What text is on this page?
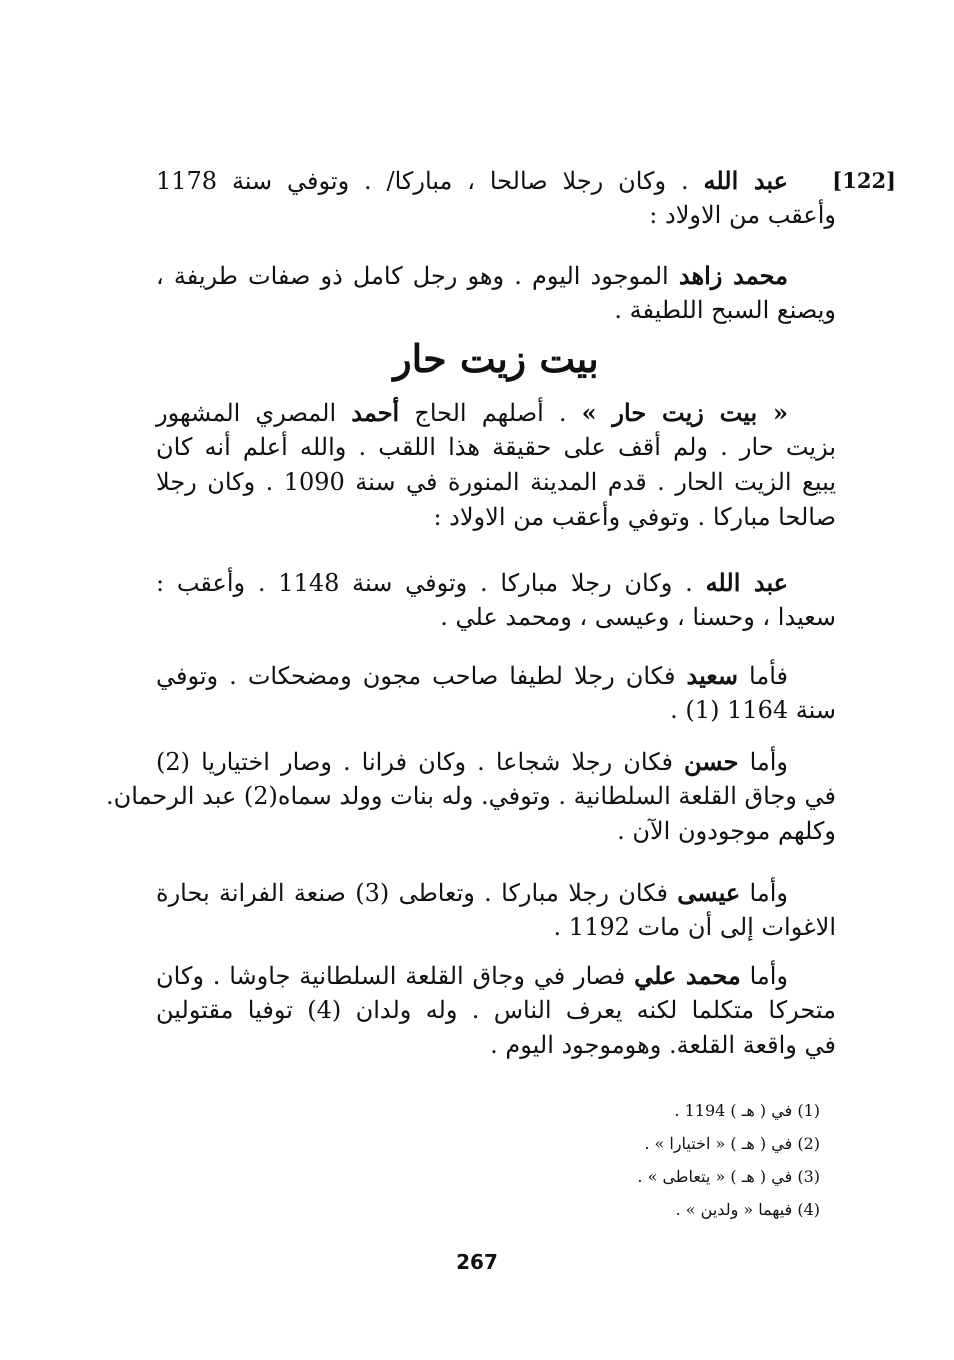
[122]
عبد الله . وكان رجلا صالحا ، مباركا/ . وتوفي سنة 1178
وأعقب من الاولاد :
محمد زاهد الموجود اليوم . وهو رجل كامل ذو صفات طريفة ،
ويصنع السبح اللطيفة .
بيت زيت حار
« بيت زيت حار » . أصلهم الحاج أحمد المصري المشهور
بزيت حار . ولم أقف على حقيقة هذا اللقب . والله أعلم أنه كان
يبيع الزيت الحار . قدم المدينة المنورة في سنة 1090 . وكان رجلا
صالحا مباركا . وتوفي وأعقب من الاولاد :
عبد الله . وكان رجلا مباركا . وتوفي سنة 1148 . وأعقب :
سعيدا ، وحسنا ، وعيسى ، ومحمد علي .
فأما سعيد فكان رجلا لطيفا صاحب مجون ومضحكات . وتوفي
سنة 1164 (1) .
وأما حسن فكان رجلا شجاعا . وكان فرانا . وصار اختياريا (2)
في وجاق القلعة السلطانية . وتوفي. وله بنات وولد سماه(2) عبد الرحمان.
وكلهم موجودون الآن .
وأما عيسى فكان رجلا مباركا . وتعاطى (3) صنعة الفرانة بحارة
الاغوات إلى أن مات 1192 .
وأما محمد علي فصار في وجاق القلعة السلطانية جاوشا . وكان
متحركا متكلما لكنه يعرف الناس . وله ولدان (4) توفيا مقتولين
في واقعة القلعة. وهوموجود اليوم .
(1) في ( هـ ) 1194 .
(2) في ( هـ ) « اختيارا » .
(3) في ( هـ ) « يتعاطى » .
(4) فيهما « ولدين » .
267
